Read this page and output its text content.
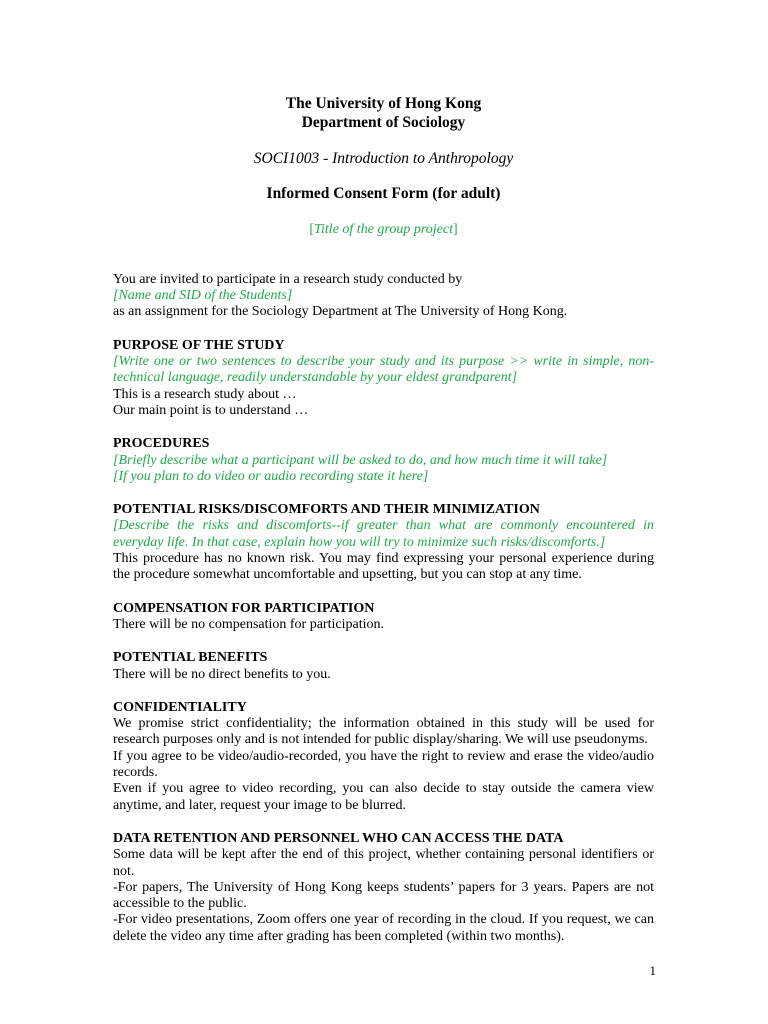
The University of Hong Kong
Department of Sociology
SOCI1003 - Introduction to Anthropology
Informed Consent Form (for adult)
[Title of the group project]

You are invited to participate in a research study conducted by

[Name and SID of the Students]

as an assignment for the Sociology Department at The University of Hong Kong.

PURPOSE OF THE STUDY

[Write one or two sentences to describe your study and its purpose >> write in simple, non-technical language, readily understandable by your eldest grandparent]

This is a research study about …

Our main point is to understand …

PROCEDURES

[Briefly describe what a participant will be asked to do, and how much time it will take]

[If you plan to do video or audio recording state it here]

POTENTIAL RISKS/DISCOMFORTS AND THEIR MINIMIZATION

[Describe the risks and discomforts--if greater than what are commonly encountered in everyday life. In that case, explain how you will try to minimize such risks/discomforts.]

This procedure has no known risk. You may find expressing your personal experience during the procedure somewhat uncomfortable and upsetting, but you can stop at any time.

COMPENSATION FOR PARTICIPATION

There will be no compensation for participation.

POTENTIAL BENEFITS

There will be no direct benefits to you.

CONFIDENTIALITY

We promise strict confidentiality; the information obtained in this study will be used for research purposes only and is not intended for public display/sharing. We will use pseudonyms.

If you agree to be video/audio-recorded, you have the right to review and erase the video/audio records.

Even if you agree to video recording, you can also decide to stay outside the camera view anytime, and later, request your image to be blurred.

DATA RETENTION AND PERSONNEL WHO CAN ACCESS THE DATA

Some data will be kept after the end of this project, whether containing personal identifiers or not.

-For papers, The University of Hong Kong keeps students’ papers for 3 years. Papers are not accessible to the public.

-For video presentations, Zoom offers one year of recording in the cloud. If you request, we can delete the video any time after grading has been completed (within two months).

1
